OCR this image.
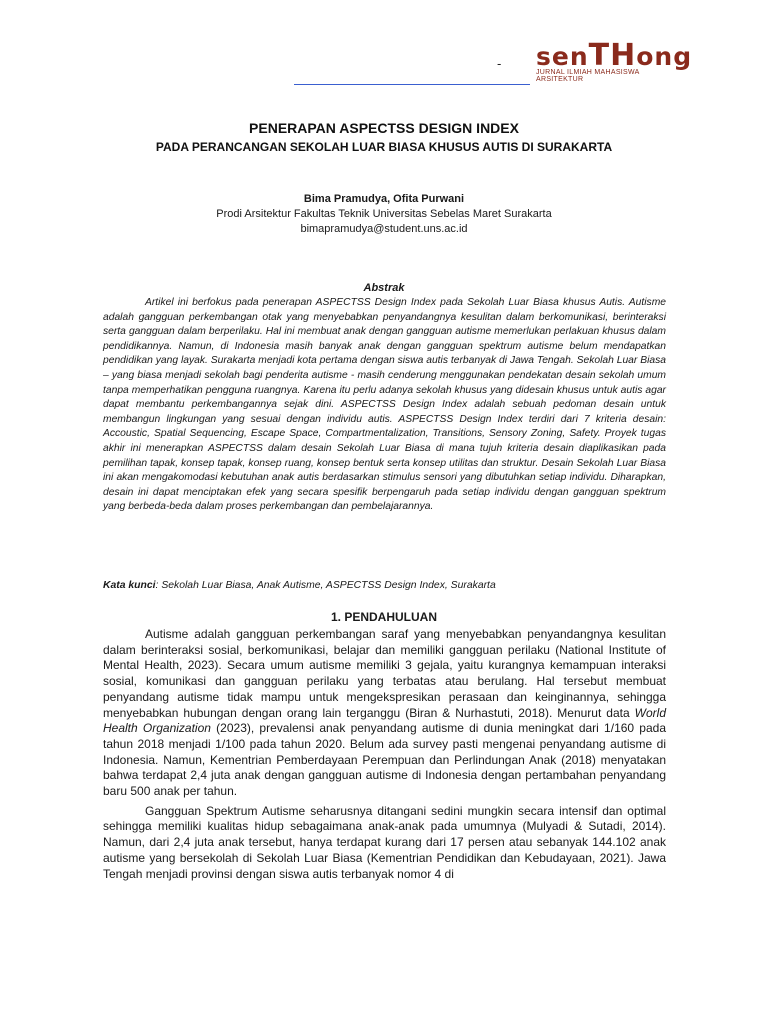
- senTHong
JURNAL ILMIAH MAHASISWA ARSITEKTUR
PENERAPAN ASPECTSS DESIGN INDEX
PADA PERANCANGAN SEKOLAH LUAR BIASA KHUSUS AUTIS DI SURAKARTA
Bima Pramudya, Ofita Purwani
Prodi Arsitektur Fakultas Teknik Universitas Sebelas Maret Surakarta
bimapramudya@student.uns.ac.id
Abstrak

Artikel ini berfokus pada penerapan ASPECTSS Design Index pada Sekolah Luar Biasa khusus Autis. Autisme adalah gangguan perkembangan otak yang menyebabkan penyandangnya kesulitan dalam berkomunikasi, berinteraksi serta gangguan dalam berperilaku. Hal ini membuat anak dengan gangguan autisme memerlukan perlakuan khusus dalam pendidikannya. Namun, di Indonesia masih banyak anak dengan gangguan spektrum autisme belum mendapatkan pendidikan yang layak. Surakarta menjadi kota pertama dengan siswa autis terbanyak di Jawa Tengah. Sekolah Luar Biasa – yang biasa menjadi sekolah bagi penderita autisme - masih cenderung menggunakan pendekatan desain sekolah umum tanpa memperhatikan pengguna ruangnya. Karena itu perlu adanya sekolah khusus yang didesain khusus untuk autis agar dapat membantu perkembangannya sejak dini. ASPECTSS Design Index adalah sebuah pedoman desain untuk membangun lingkungan yang sesuai dengan individu autis. ASPECTSS Design Index terdiri dari 7 kriteria desain: Accoustic, Spatial Sequencing, Escape Space, Compartmentalization, Transitions, Sensory Zoning, Safety. Proyek tugas akhir ini menerapkan ASPECTSS dalam desain Sekolah Luar Biasa di mana tujuh kriteria desain diaplikasikan pada pemilihan tapak, konsep tapak, konsep ruang, konsep bentuk serta konsep utilitas dan struktur. Desain Sekolah Luar Biasa ini akan mengakomodasi kebutuhan anak autis berdasarkan stimulus sensori yang dibutuhkan setiap individu. Diharapkan, desain ini dapat menciptakan efek yang secara spesifik berpengaruh pada setiap individu dengan gangguan spektrum yang berbeda-beda dalam proses perkembangan dan pembelajarannya.

Kata kunci: Sekolah Luar Biasa, Anak Autisme, ASPECTSS Design Index, Surakarta
1. PENDAHULUAN

Autisme adalah gangguan perkembangan saraf yang menyebabkan penyandangnya kesulitan dalam berinteraksi sosial, berkomunikasi, belajar dan memiliki gangguan perilaku (National Institute of Mental Health, 2023). Secara umum autisme memiliki 3 gejala, yaitu kurangnya kemampuan interaksi sosial, komunikasi dan gangguan perilaku yang terbatas atau berulang. Hal tersebut membuat penyandang autisme tidak mampu untuk mengekspresikan perasaan dan keinginannya, sehingga menyebabkan hubungan dengan orang lain terganggu (Biran & Nurhastuti, 2018). Menurut data World Health Organization (2023), prevalensi anak penyandang autisme di dunia meningkat dari 1/160 pada tahun 2018 menjadi 1/100 pada tahun 2020. Belum ada survey pasti mengenai penyandang autisme di Indonesia. Namun, Kementrian Pemberdayaan Perempuan dan Perlindungan Anak (2018) menyatakan bahwa terdapat 2,4 juta anak dengan gangguan autisme di Indonesia dengan pertambahan penyandang baru 500 anak per tahun.

Gangguan Spektrum Autisme seharusnya ditangani sedini mungkin secara intensif dan optimal sehingga memiliki kualitas hidup sebagaimana anak-anak pada umumnya (Mulyadi & Sutadi, 2014). Namun, dari 2,4 juta anak tersebut, hanya terdapat kurang dari 17 persen atau sebanyak 144.102 anak autisme yang bersekolah di Sekolah Luar Biasa (Kementrian Pendidikan dan Kebudayaan, 2021). Jawa Tengah menjadi provinsi dengan siswa autis terbanyak nomor 4 di
